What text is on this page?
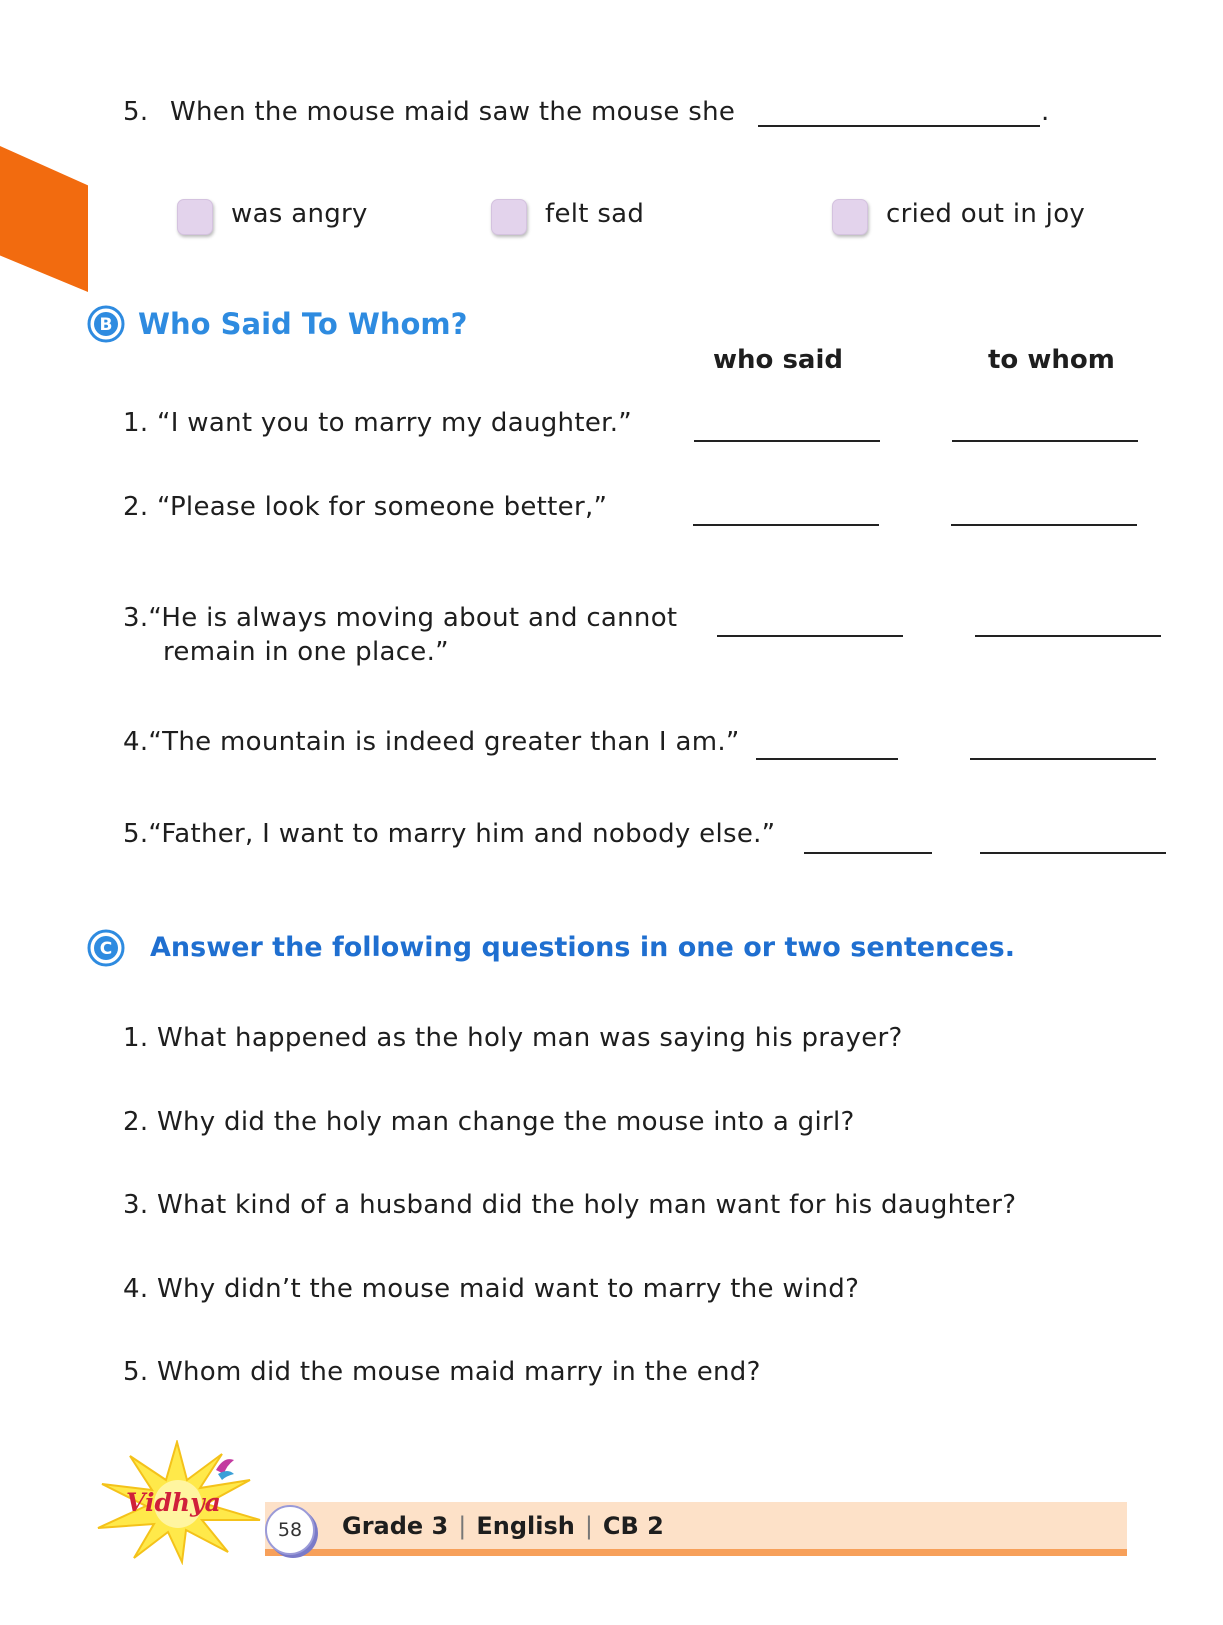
5. When the mouse maid saw the mouse she	.
was angry	felt sad	cried out in joy
B Who Said To Whom?
who said	to whom
1. “I want you to marry my daughter.”
2. “Please look for someone better,”
3.“He is always moving about and cannot
remain in one place.”
4.“The mountain is indeed greater than I am.”
5.“Father, I want to marry him and nobody else.”
C Answer the following questions in one or two sentences.
1. What happened as the holy man was saying his prayer?
2. Why did the holy man change the mouse into a girl?
3. What kind of a husband did the holy man want for his daughter?
4. Why didn’t the mouse maid want to marry the wind?
5. Whom did the mouse maid marry in the end?
Vidhya
58	Grade 3 | English | CB 2
